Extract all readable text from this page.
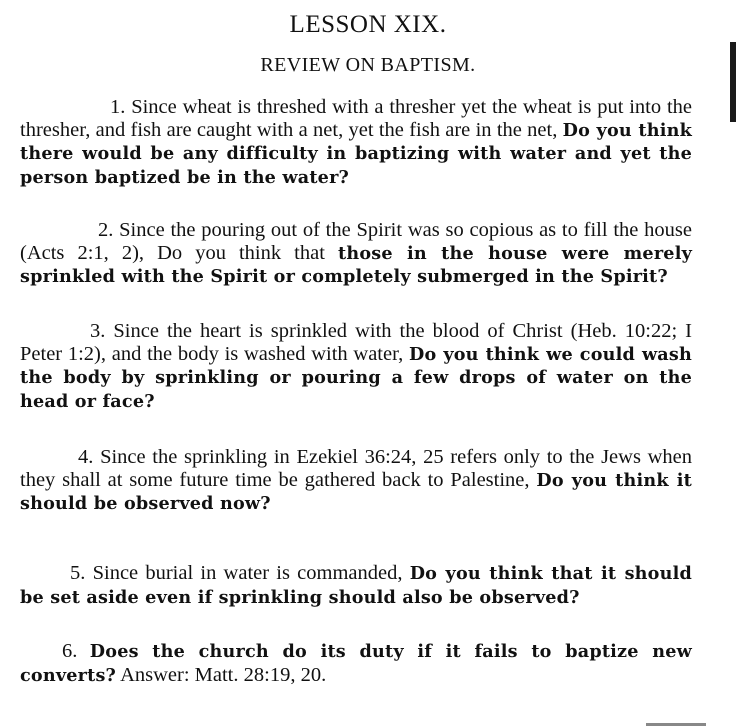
LESSON XIX.
REVIEW ON BAPTISM.

1. Since wheat is threshed with a thresher yet the wheat is put into the thresher, and fish are caught with a net, yet the fish are in the net, Do you think there would be any difficulty in baptizing with water and yet the person baptized be in the water?

2. Since the pouring out of the Spirit was so copious as to fill the house (Acts 2:1, 2), Do you think that those in the house were merely sprinkled with the Spirit or completely submerged in the Spirit?

3. Since the heart is sprinkled with the blood of Christ (Heb. 10:22; I Peter 1:2), and the body is washed with water, Do you think we could wash the body by sprinkling or pouring a few drops of water on the head or face?

4. Since the sprinkling in Ezekiel 36:24, 25 refers only to the Jews when they shall at some future time be gathered back to Palestine, Do you think it should be observed now?

5. Since burial in water is commanded, Do you think that it should be set aside even if sprinkling should also be observed?

6. Does the church do its duty if it fails to baptize new converts? Answer: Matt. 28:19, 20.
